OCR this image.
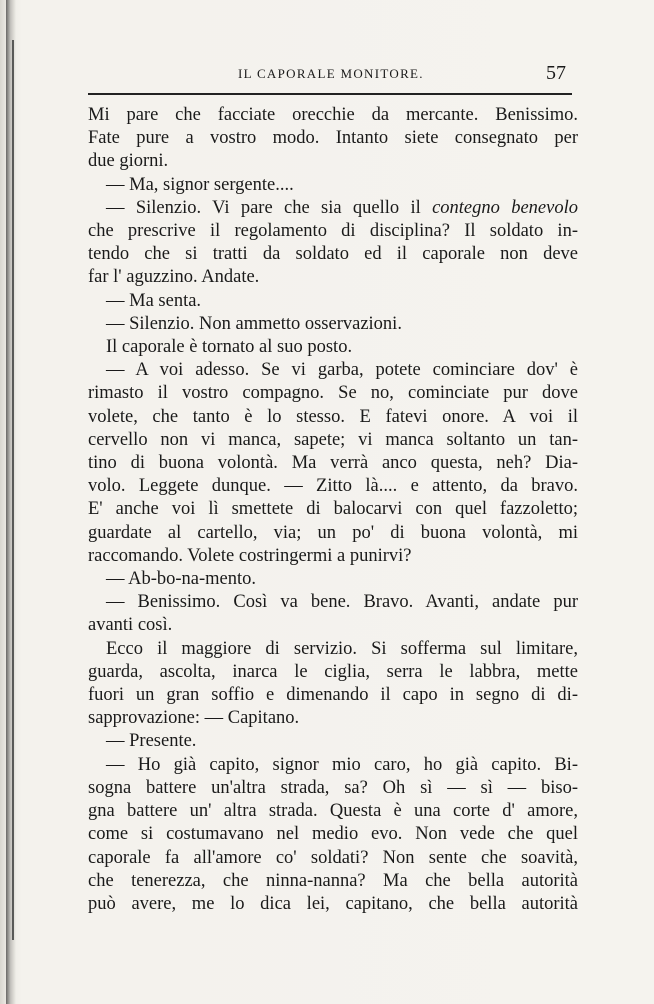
IL CAPORALE MONITORE.	57
Mi pare che facciate orecchie da mercante. Benissimo.
Fate pure a vostro modo. Intanto siete consegnato per
due giorni.
— Ma, signor sergente....
— Silenzio. Vi pare che sia quello il contegno benevolo
che prescrive il regolamento di disciplina? Il soldato in-
tendo che si tratti da soldato ed il caporale non deve
far l' aguzzino. Andate.
— Ma senta.
— Silenzio. Non ammetto osservazioni.
Il caporale è tornato al suo posto.
— A voi adesso. Se vi garba, potete cominciare dov' è
rimasto il vostro compagno. Se no, cominciate pur dove
volete, che tanto è lo stesso. E fatevi onore. A voi il
cervello non vi manca, sapete; vi manca soltanto un tan-
tino di buona volontà. Ma verrà anco questa, neh? Dia-
volo. Leggete dunque. — Zitto là.... e attento, da bravo.
E' anche voi lì smettete di balocarvi con quel fazzoletto;
guardate al cartello, via; un po' di buona volontà, mi
raccomando. Volete costringermi a punirvi?
— Ab-bo-na-mento.
— Benissimo. Così va bene. Bravo. Avanti, andate pur
avanti così.
Ecco il maggiore di servizio. Si sofferma sul limitare,
guarda, ascolta, inarca le ciglia, serra le labbra, mette
fuori un gran soffio e dimenando il capo in segno di di-
sapprovazione: — Capitano.
— Presente.
— Ho già capito, signor mio caro, ho già capito. Bi-
sogna battere un'altra strada, sa? Oh sì — sì — biso-
gna battere un' altra strada. Questa è una corte d' amore,
come si costumavano nel medio evo. Non vede che quel
caporale fa all'amore co' soldati? Non sente che soavità,
che tenerezza, che ninna-nanna? Ma che bella autorità
può avere, me lo dica lei, capitano, che bella autorità
